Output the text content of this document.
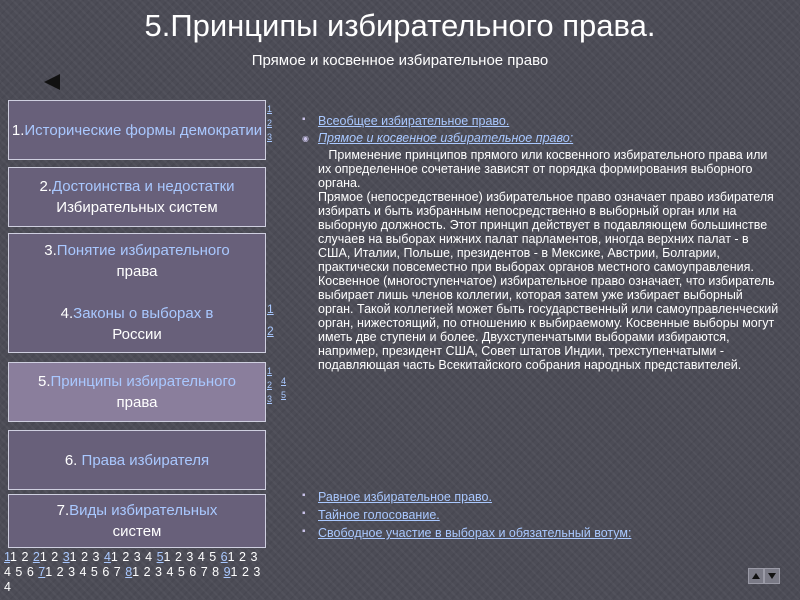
5.Принципы избирательного права.
Прямое и косвенное избирательное право
1.Исторические формы демократии
2.Достоинства и недостатки
Избирательных систем
3.Понятие избирательного
права
4.Законы о выборах в
России
5.Принципы избирательного
права
6. Права избирателя
7.Виды избирательных
систем
1
2
3
1
2
1
2
3
4
5
▪ Всеобщее избирательное право.
◉ Прямое и косвенное избирательное право:

Применение принципов прямого или косвенного избирательного права или их определенное сочетание зависят от порядка формирования выборного органа.
Прямое (непосредственное) избирательное право означает право избирателя избирать и быть избранным непосредственно в выборный орган или на выборную должность. Этот принцип действует в подавляющем большинстве случаев на выборах нижних палат парламентов, иногда верхних палат - в США, Италии, Польше, президентов - в Мексике, Австрии, Болгарии, практически повсеместно при выборах органов местного самоуправления.
Косвенное (многоступенчатое) избирательное право означает, что избиратель выбирает лишь членов коллегии, которая затем уже избирает выборный орган. Такой коллегией может быть государственный или самоуправленческий орган, нижестоящий, по отношению к выбираемому. Косвенные выборы могут иметь две ступени и более. Двухступенчатыми выборами избираются, например, президент США, Совет штатов Индии, трехступенчатыми - подавляющая часть Всекитайского собрания народных представителей.

▪ Равное избирательное право.
▪ Тайное голосование.
▪ Свободное участие в выборах и обязательный вотум:
11 2 21 2 31 2 3 41 2 3 4 51 2 3 4 5 61 2 3 4 5 6 71 2 3 4 5 6 7 81 2 3 4 5 6 7 8 91 2 3 4
